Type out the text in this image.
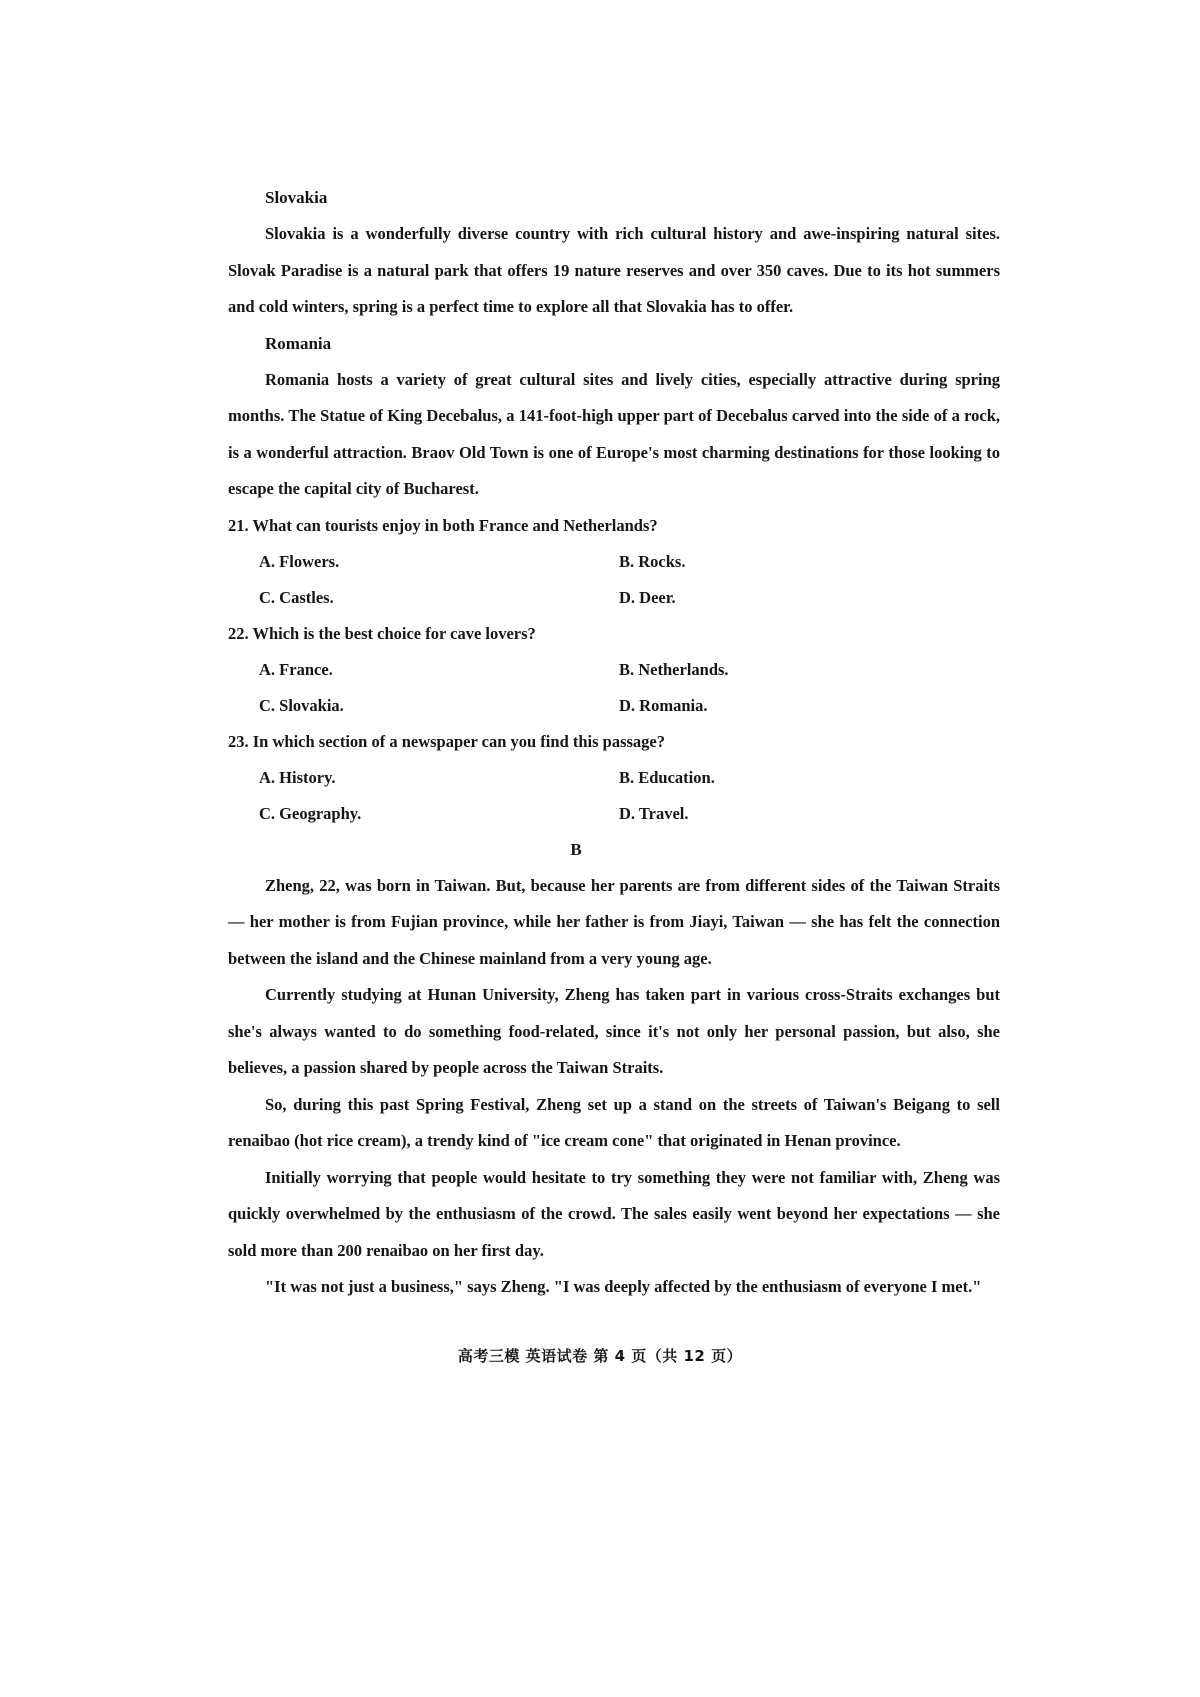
Slovakia

Slovakia is a wonderfully diverse country with rich cultural history and awe-inspiring natural sites. Slovak Paradise is a natural park that offers 19 nature reserves and over 350 caves. Due to its hot summers and cold winters, spring is a perfect time to explore all that Slovakia has to offer.

Romania

Romania hosts a variety of great cultural sites and lively cities, especially attractive during spring months. The Statue of King Decebalus, a 141-foot-high upper part of Decebalus carved into the side of a rock, is a wonderful attraction. Braov Old Town is one of Europe's most charming destinations for those looking to escape the capital city of Bucharest.

21. What can tourists enjoy in both France and Netherlands?

A. Flowers.	B. Rocks.
C. Castles.	D. Deer.

22. Which is the best choice for cave lovers?

A. France.	B. Netherlands.
C. Slovakia.	D. Romania.

23. In which section of a newspaper can you find this passage?

A. History.	B. Education.
C. Geography.	D. Travel.

B

Zheng, 22, was born in Taiwan. But, because her parents are from different sides of the Taiwan Straits — her mother is from Fujian province, while her father is from Jiayi, Taiwan — she has felt the connection between the island and the Chinese mainland from a very young age.

Currently studying at Hunan University, Zheng has taken part in various cross-Straits exchanges but she's always wanted to do something food-related, since it's not only her personal passion, but also, she believes, a passion shared by people across the Taiwan Straits.

So, during this past Spring Festival, Zheng set up a stand on the streets of Taiwan's Beigang to sell renaibao (hot rice cream), a trendy kind of "ice cream cone" that originated in Henan province.

Initially worrying that people would hesitate to try something they were not familiar with, Zheng was quickly overwhelmed by the enthusiasm of the crowd. The sales easily went beyond her expectations — she sold more than 200 renaibao on her first day.

"It was not just a business," says Zheng. "I was deeply affected by the enthusiasm of everyone I met."

高考三模 英语试卷 第 4 页（共 12 页）
